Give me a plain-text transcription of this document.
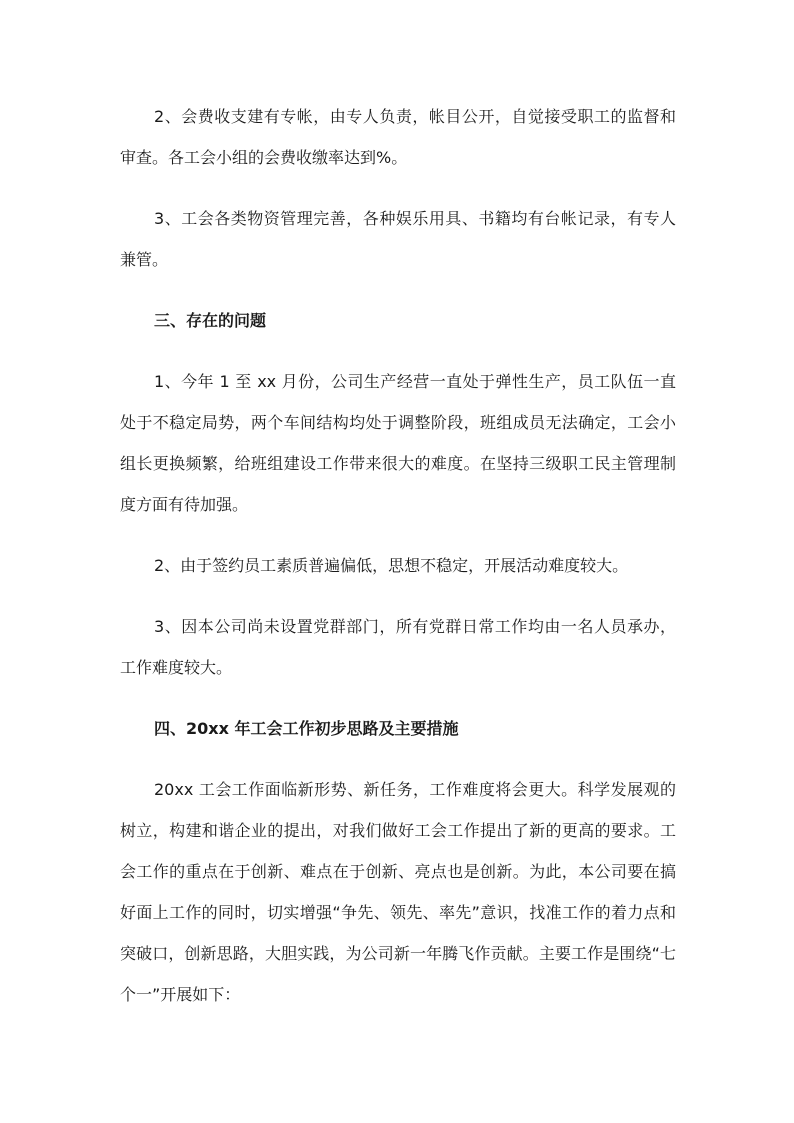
2、会费收支建有专帐，由专人负责，帐目公开，自觉接受职工的监督和审查。各工会小组的会费收缴率达到%。

3、工会各类物资管理完善，各种娱乐用具、书籍均有台帐记录，有专人兼管。

三、存在的问题

1、今年 1 至 xx 月份，公司生产经营一直处于弹性生产，员工队伍一直处于不稳定局势，两个车间结构均处于调整阶段，班组成员无法确定，工会小组长更换频繁，给班组建设工作带来很大的难度。在坚持三级职工民主管理制度方面有待加强。

2、由于签约员工素质普遍偏低，思想不稳定，开展活动难度较大。

3、因本公司尚未设置党群部门，所有党群日常工作均由一名人员承办，工作难度较大。

四、20xx 年工会工作初步思路及主要措施

20xx 工会工作面临新形势、新任务，工作难度将会更大。科学发展观的树立，构建和谐企业的提出，对我们做好工会工作提出了新的更高的要求。工会工作的重点在于创新、难点在于创新、亮点也是创新。为此，本公司要在搞好面上工作的同时，切实增强“争先、领先、率先”意识，找准工作的着力点和突破口，创新思路，大胆实践，为公司新一年腾飞作贡献。主要工作是围绕“七个一”开展如下：
